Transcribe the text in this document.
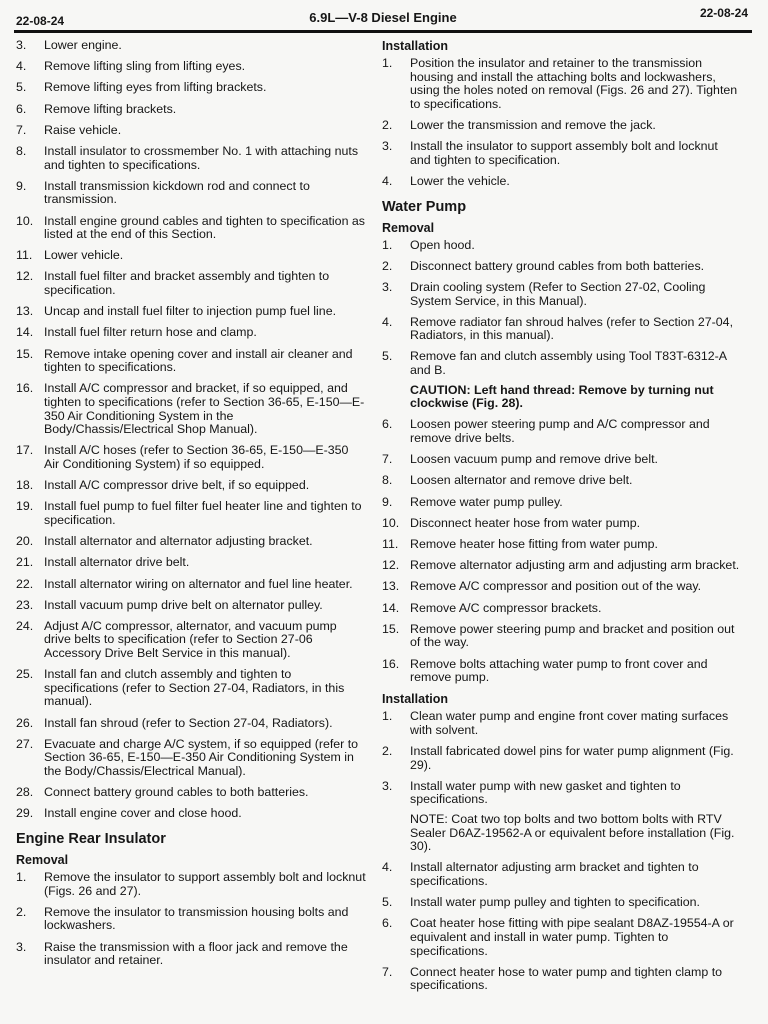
22-08-24	6.9L—V-8 Diesel Engine	22-08-24
3.	Lower engine.
4.	Remove lifting sling from lifting eyes.
5.	Remove lifting eyes from lifting brackets.
6.	Remove lifting brackets.
7.	Raise vehicle.
8.	Install insulator to crossmember No. 1 with attaching nuts and tighten to specifications.
9.	Install transmission kickdown rod and connect to transmission.
10. Install engine ground cables and tighten to specification as listed at the end of this Section.
11. Lower vehicle.
12. Install fuel filter and bracket assembly and tighten to specification.
13. Uncap and install fuel filter to injection pump fuel line.
14. Install fuel filter return hose and clamp.
15. Remove intake opening cover and install air cleaner and tighten to specifications.
16. Install A/C compressor and bracket, if so equipped, and tighten to specifications (refer to Section 36-65, E-150—E-350 Air Conditioning System in the Body/Chassis/Electrical Shop Manual).
17. Install A/C hoses (refer to Section 36-65, E-150—E-350 Air Conditioning System) if so equipped.
18. Install A/C compressor drive belt, if so equipped.
19. Install fuel pump to fuel filter fuel heater line and tighten to specification.
20. Install alternator and alternator adjusting bracket.
21. Install alternator drive belt.
22. Install alternator wiring on alternator and fuel line heater.
23. Install vacuum pump drive belt on alternator pulley.
24. Adjust A/C compressor, alternator, and vacuum pump drive belts to specification (refer to Section 27-06 Accessory Drive Belt Service in this manual).
25. Install fan and clutch assembly and tighten to specifications (refer to Section 27-04, Radiators, in this manual).
26. Install fan shroud (refer to Section 27-04, Radiators).
27. Evacuate and charge A/C system, if so equipped (refer to Section 36-65, E-150—E-350 Air Conditioning System in the Body/Chassis/Electrical Manual).
28. Connect battery ground cables to both batteries.
29. Install engine cover and close hood.
Engine Rear Insulator
Removal
1.	Remove the insulator to support assembly bolt and locknut (Figs. 26 and 27).
2.	Remove the insulator to transmission housing bolts and lockwashers.
3.	Raise the transmission with a floor jack and remove the insulator and retainer.
Installation
1.	Position the insulator and retainer to the transmission housing and install the attaching bolts and lockwashers, using the holes noted on removal (Figs. 26 and 27). Tighten to specifications.
2.	Lower the transmission and remove the jack.
3.	Install the insulator to support assembly bolt and locknut and tighten to specification.
4.	Lower the vehicle.
Water Pump
Removal
1.	Open hood.
2.	Disconnect battery ground cables from both batteries.
3.	Drain cooling system (Refer to Section 27-02, Cooling System Service, in this Manual).
4.	Remove radiator fan shroud halves (refer to Section 27-04, Radiators, in this manual).
5.	Remove fan and clutch assembly using Tool T83T-6312-A and B.
CAUTION: Left hand thread: Remove by turning nut clockwise (Fig. 28).
6.	Loosen power steering pump and A/C compressor and remove drive belts.
7.	Loosen vacuum pump and remove drive belt.
8.	Loosen alternator and remove drive belt.
9.	Remove water pump pulley.
10. Disconnect heater hose from water pump.
11. Remove heater hose fitting from water pump.
12. Remove alternator adjusting arm and adjusting arm bracket.
13. Remove A/C compressor and position out of the way.
14. Remove A/C compressor brackets.
15. Remove power steering pump and bracket and position out of the way.
16. Remove bolts attaching water pump to front cover and remove pump.
Installation
1.	Clean water pump and engine front cover mating surfaces with solvent.
2.	Install fabricated dowel pins for water pump alignment (Fig. 29).
3.	Install water pump with new gasket and tighten to specifications.
NOTE: Coat two top bolts and two bottom bolts with RTV Sealer D6AZ-19562-A or equivalent before installation (Fig. 30).
4.	Install alternator adjusting arm bracket and tighten to specifications.
5.	Install water pump pulley and tighten to specification.
6.	Coat heater hose fitting with pipe sealant D8AZ-19554-A or equivalent and install in water pump. Tighten to specifications.
7.	Connect heater hose to water pump and tighten clamp to specifications.
